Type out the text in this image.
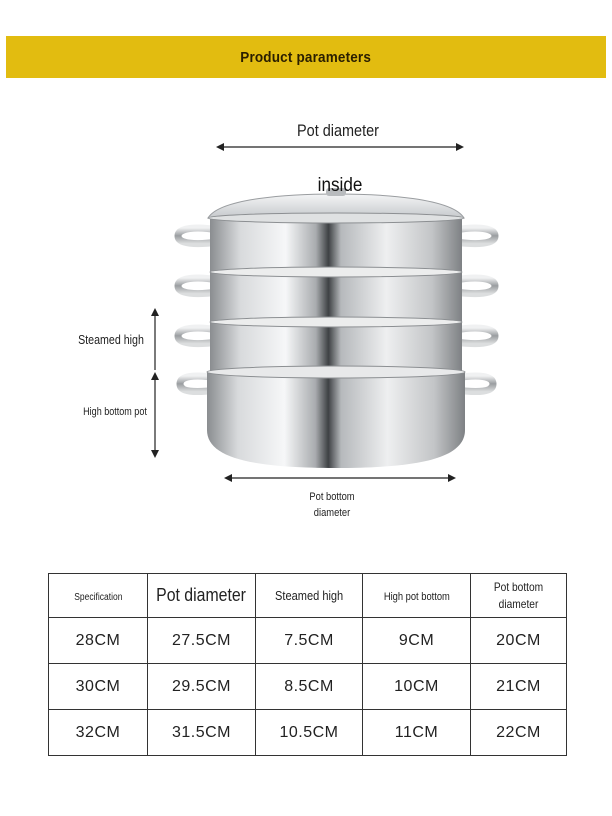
Product parameters
Pot diameter
inside
Steamed high
High bottom pot
Pot bottom
diameter
Specification	Pot diameter	Steamed high	High pot bottom	Pot bottom diameter
28CM	27.5CM	7.5CM	9CM	20CM
30CM	29.5CM	8.5CM	10CM	21CM
32CM	31.5CM	10.5CM	11CM	22CM
